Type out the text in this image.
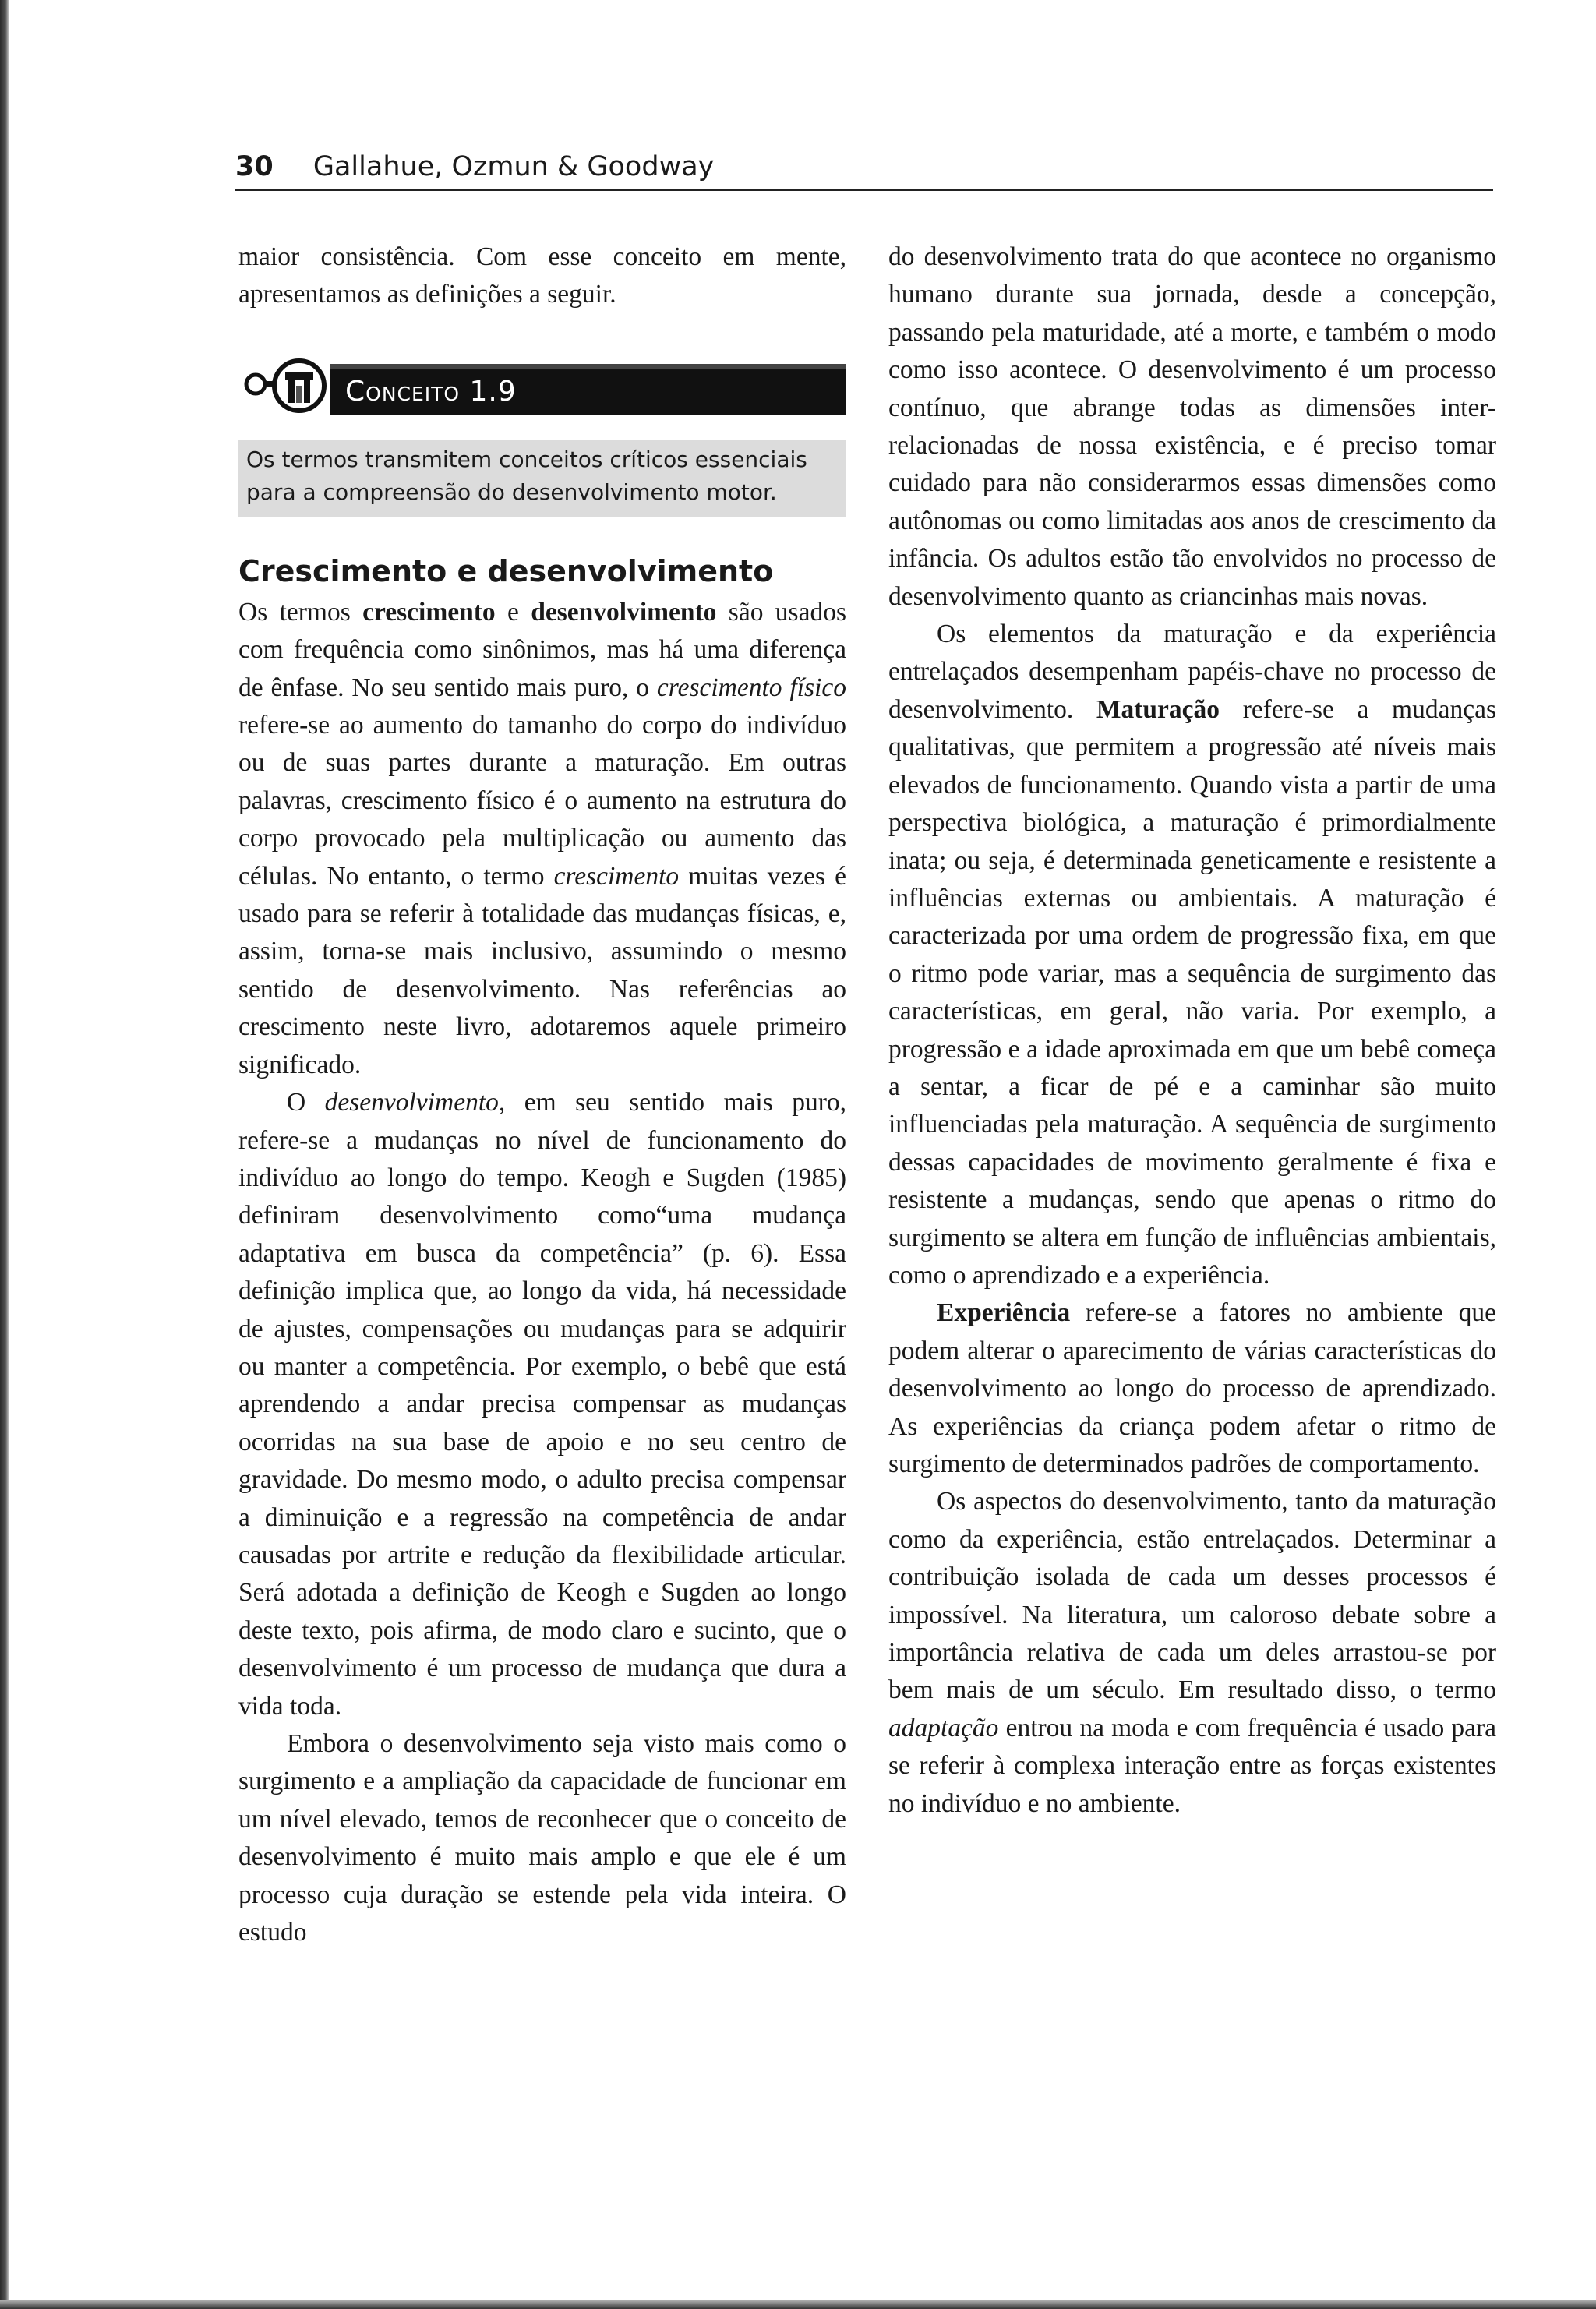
30 Gallahue, Ozmun & Goodway

maior consistência. Com esse conceito em mente, apresentamos as definições a seguir.

Conceito 1.9
Os termos transmitem conceitos críticos essenciais para a compreensão do desenvolvimento motor.
Crescimento e desenvolvimento

Os termos crescimento e desenvolvimento são usados com frequência como sinônimos, mas há uma diferença de ênfase. No seu sentido mais puro, o crescimento físico refere-se ao aumento do tamanho do corpo do indivíduo ou de suas partes durante a maturação. Em outras palavras, crescimento físico é o aumento na estrutura do corpo provocado pela multiplicação ou aumento das células. No entanto, o termo crescimento muitas vezes é usado para se referir à totalidade das mudanças físicas, e, assim, torna-se mais inclusivo, assumindo o mesmo sentido de desenvolvimento. Nas referências ao crescimento neste livro, adotaremos aquele primeiro significado.

O desenvolvimento, em seu sentido mais puro, refere-se a mudanças no nível de funcionamento do indivíduo ao longo do tempo. Keogh e Sugden (1985) definiram desenvolvimento como“uma mudança adaptativa em busca da competência” (p. 6). Essa definição implica que, ao longo da vida, há necessidade de ajustes, compensações ou mudanças para se adquirir ou manter a competência. Por exemplo, o bebê que está aprendendo a andar precisa compensar as mudanças ocorridas na sua base de apoio e no seu centro de gravidade. Do mesmo modo, o adulto precisa compensar a diminuição e a regressão na competência de andar causadas por artrite e redução da flexibilidade articular. Será adotada a definição de Keogh e Sugden ao longo deste texto, pois afirma, de modo claro e sucinto, que o desenvolvimento é um processo de mudança que dura a vida toda.

Embora o desenvolvimento seja visto mais como o surgimento e a ampliação da capacidade de funcionar em um nível elevado, temos de reconhecer que o conceito de desenvolvimento é muito mais amplo e que ele é um processo cuja duração se estende pela vida inteira. O estudo

do desenvolvimento trata do que acontece no organismo humano durante sua jornada, desde a concepção, passando pela maturidade, até a morte, e também o modo como isso acontece. O desenvolvimento é um processo contínuo, que abrange todas as dimensões inter-relacionadas de nossa existência, e é preciso tomar cuidado para não considerarmos essas dimensões como autônomas ou como limitadas aos anos de crescimento da infância. Os adultos estão tão envolvidos no processo de desenvolvimento quanto as criancinhas mais novas.

Os elementos da maturação e da experiência entrelaçados desempenham papéis-chave no processo de desenvolvimento. Maturação refere-se a mudanças qualitativas, que permitem a progressão até níveis mais elevados de funcionamento. Quando vista a partir de uma perspectiva biológica, a maturação é primordialmente inata; ou seja, é determinada geneticamente e resistente a influências externas ou ambientais. A maturação é caracterizada por uma ordem de progressão fixa, em que o ritmo pode variar, mas a sequência de surgimento das características, em geral, não varia. Por exemplo, a progressão e a idade aproximada em que um bebê começa a sentar, a ficar de pé e a caminhar são muito influenciadas pela maturação. A sequência de surgimento dessas capacidades de movimento geralmente é fixa e resistente a mudanças, sendo que apenas o ritmo do surgimento se altera em função de influências ambientais, como o aprendizado e a experiência.

Experiência refere-se a fatores no ambiente que podem alterar o aparecimento de várias características do desenvolvimento ao longo do processo de aprendizado. As experiências da criança podem afetar o ritmo de surgimento de determinados padrões de comportamento.

Os aspectos do desenvolvimento, tanto da maturação como da experiência, estão entrelaçados. Determinar a contribuição isolada de cada um desses processos é impossível. Na literatura, um caloroso debate sobre a importância relativa de cada um deles arrastou-se por bem mais de um século. Em resultado disso, o termo adaptação entrou na moda e com frequência é usado para se referir à complexa interação entre as forças existentes no indivíduo e no ambiente.
